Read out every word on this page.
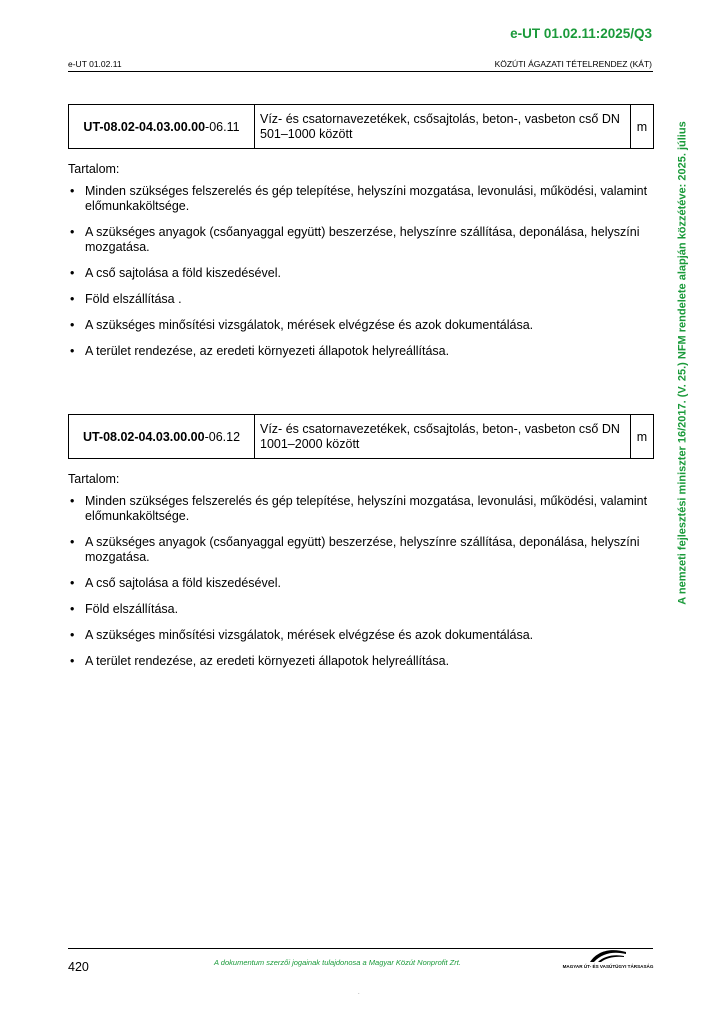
e-UT 01.02.11:2025/Q3
e-UT 01.02.11	KÖZÚTI ÁGAZATI TÉTELRENDEZ (KÁT)
A nemzeti fejlesztési miniszter 16/2017. (V. 25.) NFM rendelete alapján közzétéve: 2025. július
UT-08.02-04.03.00.00-06.11	Víz- és csatornavezetékek, csősajtolás, beton-, vasbeton cső DN 501–1000 között	m
Tartalom:
• Minden szükséges felszerelés és gép telepítése, helyszíni mozgatása, levonulási, működési, valamint előmunkaköltsége.
• A szükséges anyagok (csőanyaggal együtt) beszerzése, helyszínre szállítása, deponálása, helyszíni mozgatása.
• A cső sajtolása a föld kiszedésével.
• Föld elszállítása .
• A szükséges minősítési vizsgálatok, mérések elvégzése és azok dokumentálása.
• A terület rendezése, az eredeti környezeti állapotok helyreállítása.
UT-08.02-04.03.00.00-06.12	Víz- és csatornavezetékek, csősajtolás, beton-, vasbeton cső DN 1001–2000 között	m
Tartalom:
• Minden szükséges felszerelés és gép telepítése, helyszíni mozgatása, levonulási, működési, valamint előmunkaköltsége.
• A szükséges anyagok (csőanyaggal együtt) beszerzése, helyszínre szállítása, deponálása, helyszíni mozgatása.
• A cső sajtolása a föld kiszedésével.
• Föld elszállítása.
• A szükséges minősítési vizsgálatok, mérések elvégzése és azok dokumentálása.
• A terület rendezése, az eredeti környezeti állapotok helyreállítása.
420	A dokumentum szerzői jogainak tulajdonosa a Magyar Közút Nonprofit Zrt.	MAGYAR ÚT- ÉS VASÚTÜGYI TÁRSASÁG
.
